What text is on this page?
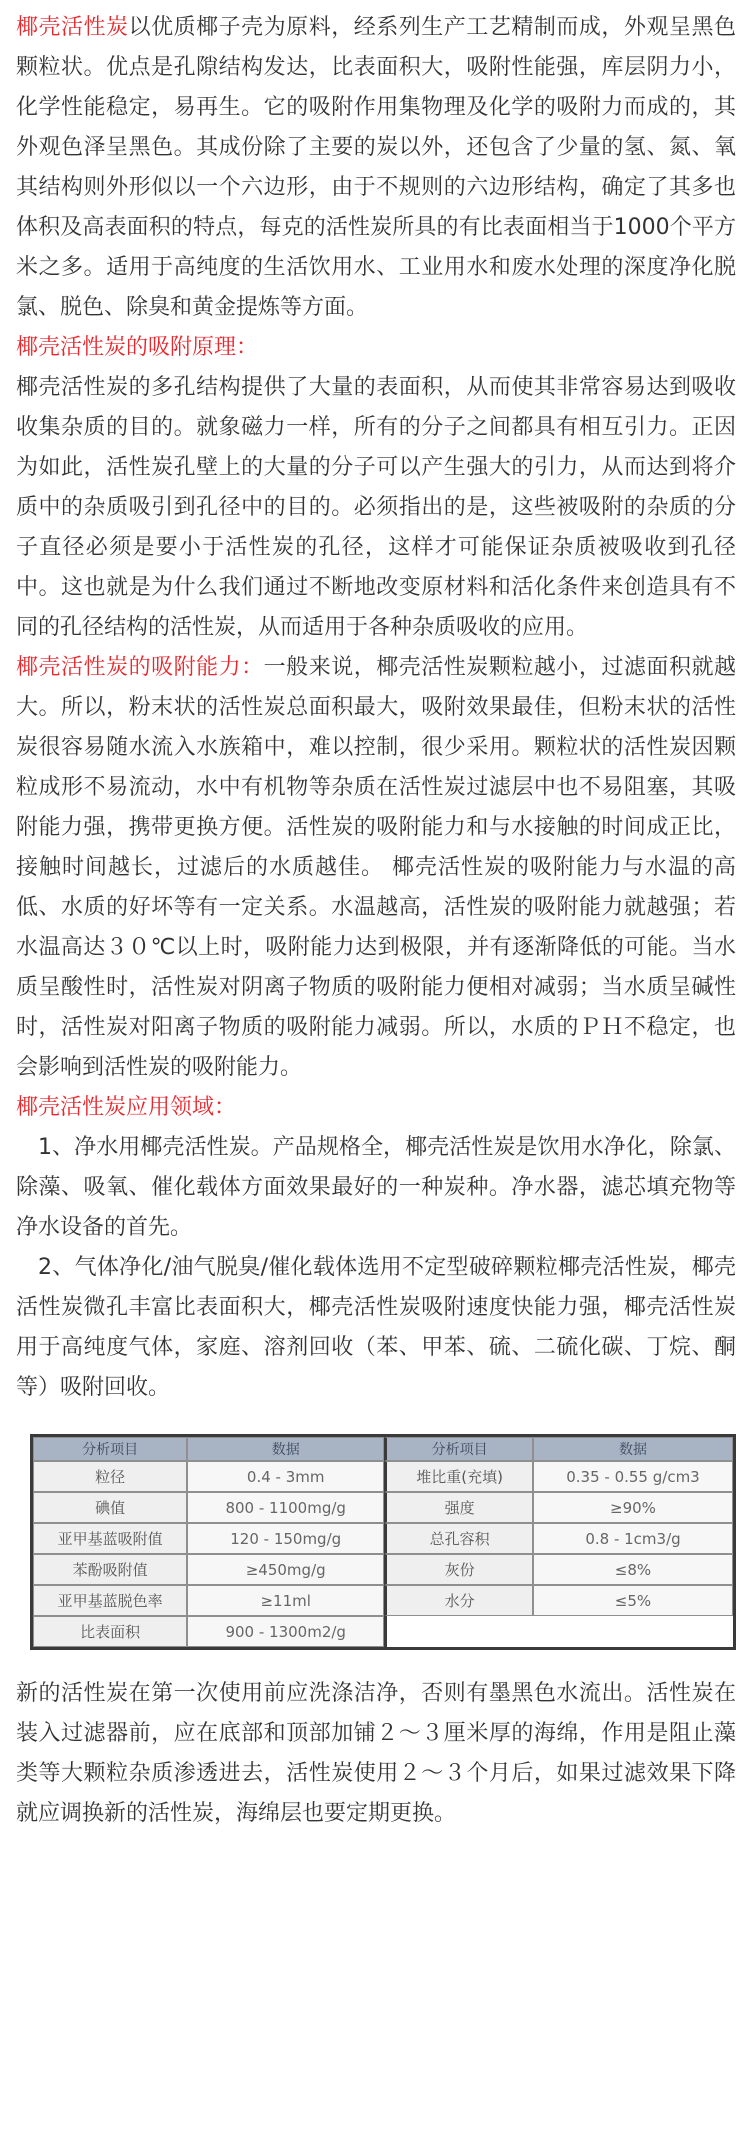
椰壳活性炭以优质椰子壳为原料，经系列生产工艺精制而成，外观呈黑色颗粒状。优点是孔隙结构发达，比表面积大，吸附性能强，库层阴力小，化学性能稳定，易再生。它的吸附作用集物理及化学的吸附力而成的，其外观色泽呈黑色。其成份除了主要的炭以外，还包含了少量的氢、氮、氧其结构则外形似以一个六边形，由于不规则的六边形结构，确定了其多也体积及高表面积的特点，每克的活性炭所具的有比表面相当于1000个平方米之多。适用于高纯度的生活饮用水、工业用水和废水处理的深度净化脱氯、脱色、除臭和黄金提炼等方面。

椰壳活性炭的吸附原理：

椰壳活性炭的多孔结构提供了大量的表面积，从而使其非常容易达到吸收收集杂质的目的。就象磁力一样，所有的分子之间都具有相互引力。正因为如此，活性炭孔壁上的大量的分子可以产生强大的引力，从而达到将介质中的杂质吸引到孔径中的目的。必须指出的是，这些被吸附的杂质的分子直径必须是要小于活性炭的孔径，这样才可能保证杂质被吸收到孔径中。这也就是为什么我们通过不断地改变原材料和活化条件来创造具有不同的孔径结构的活性炭，从而适用于各种杂质吸收的应用。

椰壳活性炭的吸附能力：一般来说，椰壳活性炭颗粒越小，过滤面积就越大。所以，粉末状的活性炭总面积最大，吸附效果最佳，但粉末状的活性炭很容易随水流入水族箱中，难以控制，很少采用。颗粒状的活性炭因颗粒成形不易流动，水中有机物等杂质在活性炭过滤层中也不易阻塞，其吸附能力强，携带更换方便。活性炭的吸附能力和与水接触的时间成正比，接触时间越长，过滤后的水质越佳。 椰壳活性炭的吸附能力与水温的高低、水质的好坏等有一定关系。水温越高，活性炭的吸附能力就越强；若水温高达３０℃以上时，吸附能力达到极限，并有逐渐降低的可能。当水质呈酸性时，活性炭对阴离子物质的吸附能力便相对减弱；当水质呈碱性时，活性炭对阳离子物质的吸附能力减弱。所以，水质的ＰＨ不稳定，也会影响到活性炭的吸附能力。

椰壳活性炭应用领域：

1、净水用椰壳活性炭。产品规格全，椰壳活性炭是饮用水净化，除氯、除藻、吸氧、催化载体方面效果最好的一种炭种。净水器，滤芯填充物等净水设备的首先。

2、气体净化/油气脱臭/催化载体选用不定型破碎颗粒椰壳活性炭，椰壳活性炭微孔丰富比表面积大，椰壳活性炭吸附速度快能力强，椰壳活性炭用于高纯度气体，家庭、溶剂回收（苯、甲苯、硫、二硫化碳、丁烷、酮等）吸附回收。

分析项目	数据	分析项目	数据
粒径	0.4 - 3mm	堆比重(充填)	0.35 - 0.55 g/cm3
碘值	800 - 1100mg/g	强度	≥90%
亚甲基蓝吸附值	120 - 150mg/g	总孔容积	0.8 - 1cm3/g
苯酚吸附值	≥450mg/g	灰份	≤8%
亚甲基蓝脱色率	≥11ml	水分	≤5%
比表面积	900 - 1300m2/g		

新的活性炭在第一次使用前应洗涤洁净，否则有墨黑色水流出。活性炭在装入过滤器前，应在底部和顶部加铺２～３厘米厚的海绵，作用是阻止藻类等大颗粒杂质渗透进去，活性炭使用２～３个月后，如果过滤效果下降就应调换新的活性炭，海绵层也要定期更换。
